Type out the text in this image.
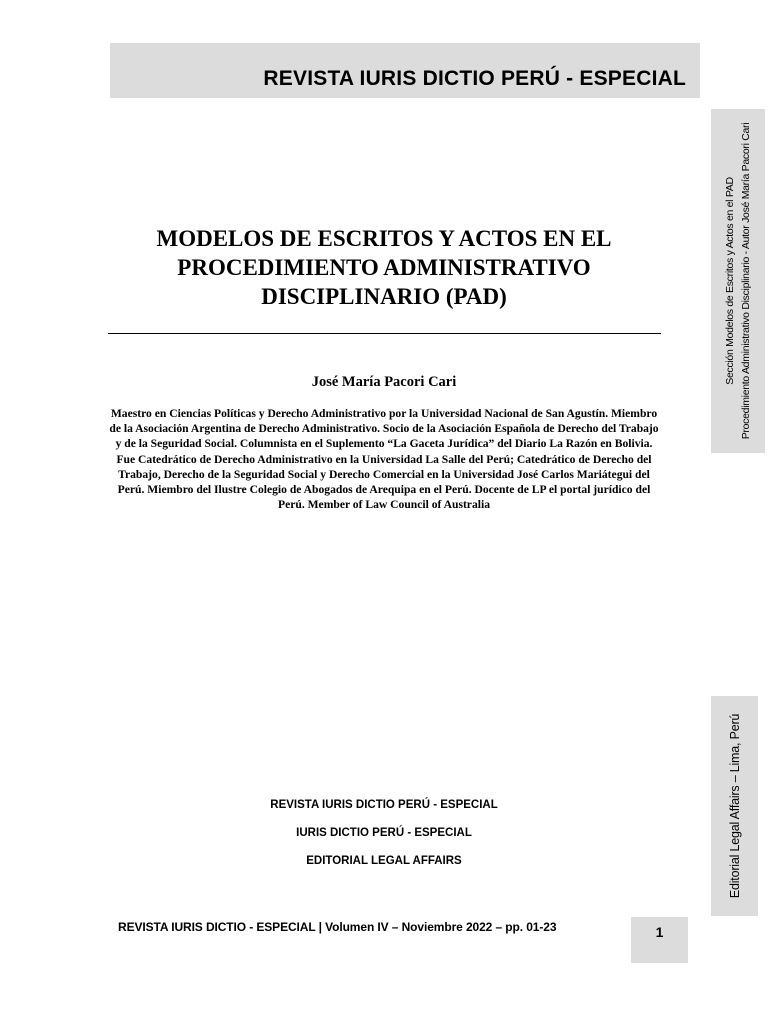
REVISTA IURIS DICTIO PERÚ - ESPECIAL
Sección Modelos de Escritos y Actos en el PAD Procedimiento Administrativo Disciplinario - Autor José María Pacori Cari
Editorial Legal Affairs – Lima, Perú
MODELOS DE ESCRITOS Y ACTOS EN EL PROCEDIMIENTO ADMINISTRATIVO DISCIPLINARIO (PAD)
José María Pacori Cari

Maestro en Ciencias Políticas y Derecho Administrativo por la Universidad Nacional de San Agustín. Miembro de la Asociación Argentina de Derecho Administrativo. Socio de la Asociación Española de Derecho del Trabajo y de la Seguridad Social. Columnista en el Suplemento “La Gaceta Jurídica” del Diario La Razón en Bolivia. Fue Catedrático de Derecho Administrativo en la Universidad La Salle del Perú; Catedrático de Derecho del Trabajo, Derecho de la Seguridad Social y Derecho Comercial en la Universidad José Carlos Mariátegui del Perú. Miembro del Ilustre Colegio de Abogados de Arequipa en el Perú. Docente de LP el portal jurídico del Perú. Member of Law Council of Australia

REVISTA IURIS DICTIO PERÚ - ESPECIAL
IURIS DICTIO PERÚ - ESPECIAL
EDITORIAL LEGAL AFFAIRS
REVISTA IURIS DICTIO - ESPECIAL | Volumen IV – Noviembre 2022 – pp. 01-23	1
